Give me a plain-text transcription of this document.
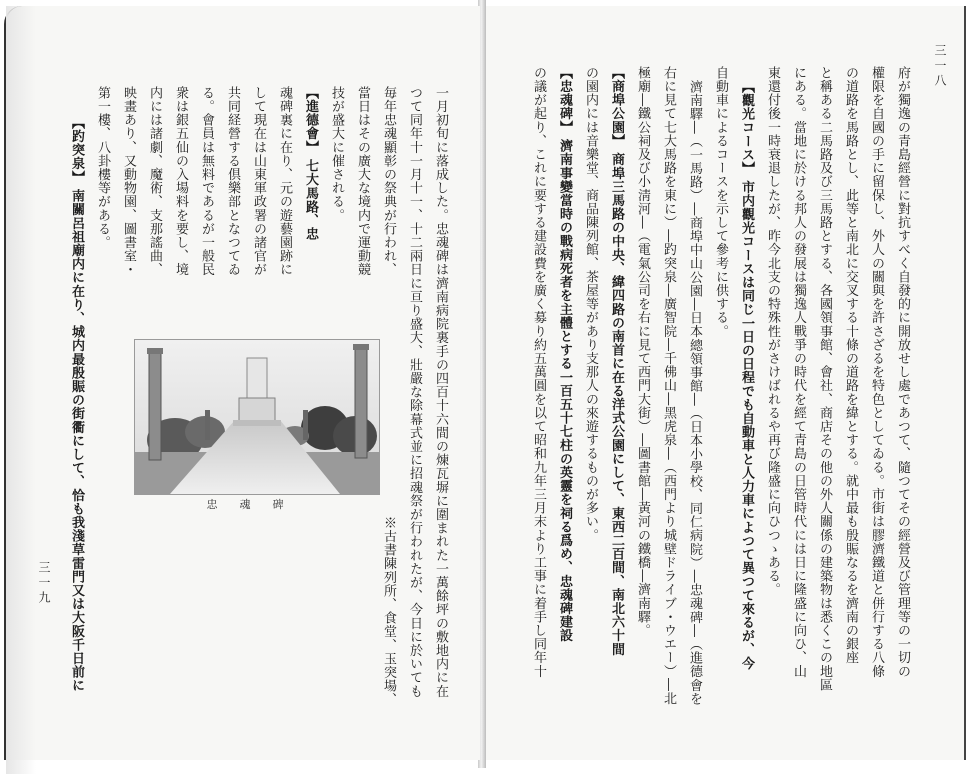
一月初旬に落成した。忠魂碑は濟南病院裏手の四百十六間の煉瓦塀に圍まれた一萬餘坪の敷地内に在
つて同年十一月十一、十二兩日に亘り盛大、壯嚴な除幕式並に招魂祭が行われたが、今日に於いても
毎年忠魂顯彰の祭典が行われ、
當日はその廣大な境内で運動競
技が盛大に催される。
【進德會】 七大馬路、忠
魂碑裏に在り、元の遊藝園跡に
して現在は山東軍政署の諸官が
共同経營する倶樂部となつてゐ
る。會員は無料であるが一般民
衆は銀五仙の入場料を要し、境
内には諸劇、魔術、支那謠曲、
映畫あり、又動物園、圖書室・
第一樓、八卦樓等がある。
【趵突泉】 南關呂祖廟内に在り、城内最殷賑の街衢にして、恰も我淺草雷門又は大阪千日前に	忠魂碑
※古書陳列所、食堂、玉突場、
三一九	府が獨逸の青島經營に對抗すべく自發的に開放せし處であつて、隨つてその經營及び管理等の一切の
權限を自國の手に留保し、外人の關與を許さざるを特色としてゐる。市街は膠濟鐵道と併行する八條
の道路を馬路とし、此等と南北に交叉する十條の道路を緯とする。就中最も殷賑なるを濟南の銀座
と稱ある二馬路及び三馬路とする、各國領事館、會社、商店その他の外人關係の建築物は悉くこの地區
にある。當地に於ける邦人の發展は獨逸人戰爭の時代を經て青島の日管時代には日に隆盛に向ひ、山
東還付後一時衰退したが、昨今北支の特殊性がさけばれるや再び隆盛に向ひつゝある。
【觀光コース】 市内觀光コースは同じ一日の日程でも自動車と人力車によつて異つて來るが、今
自動車によるコースを示して參考に供する。
濟南驛―（一馬路）―商埠中山公園―日本總領事館―（日本小學校、同仁病院）―忠魂碑―（進德會を
右に見て七大馬路を東に）―趵突泉―廣智院―千佛山―黑虎泉―（西門より城壁ドライブ・ウエー）―北
極廟―鐵公祠及び小淸河―（電氣公司を右に見て西門大街）―圖書館―黃河の鐵橋―濟南驛。
【商埠公園】 商埠三馬路の中央、緯四路の南首に在る洋式公園にして、東西二百間、南北六十間
の園内には音樂堂、商品陳列館、茶屋等があり支那人の來遊するものが多い。
【忠魂碑】 濟南事變當時の戰病死者を主體とする一百五十七柱の英靈を祠る爲め、忠魂碑建設
の議が起り、これに要する建設費を廣く募り約五萬圓を以て昭和九年三月末より工事に着手し同年十	三一八
